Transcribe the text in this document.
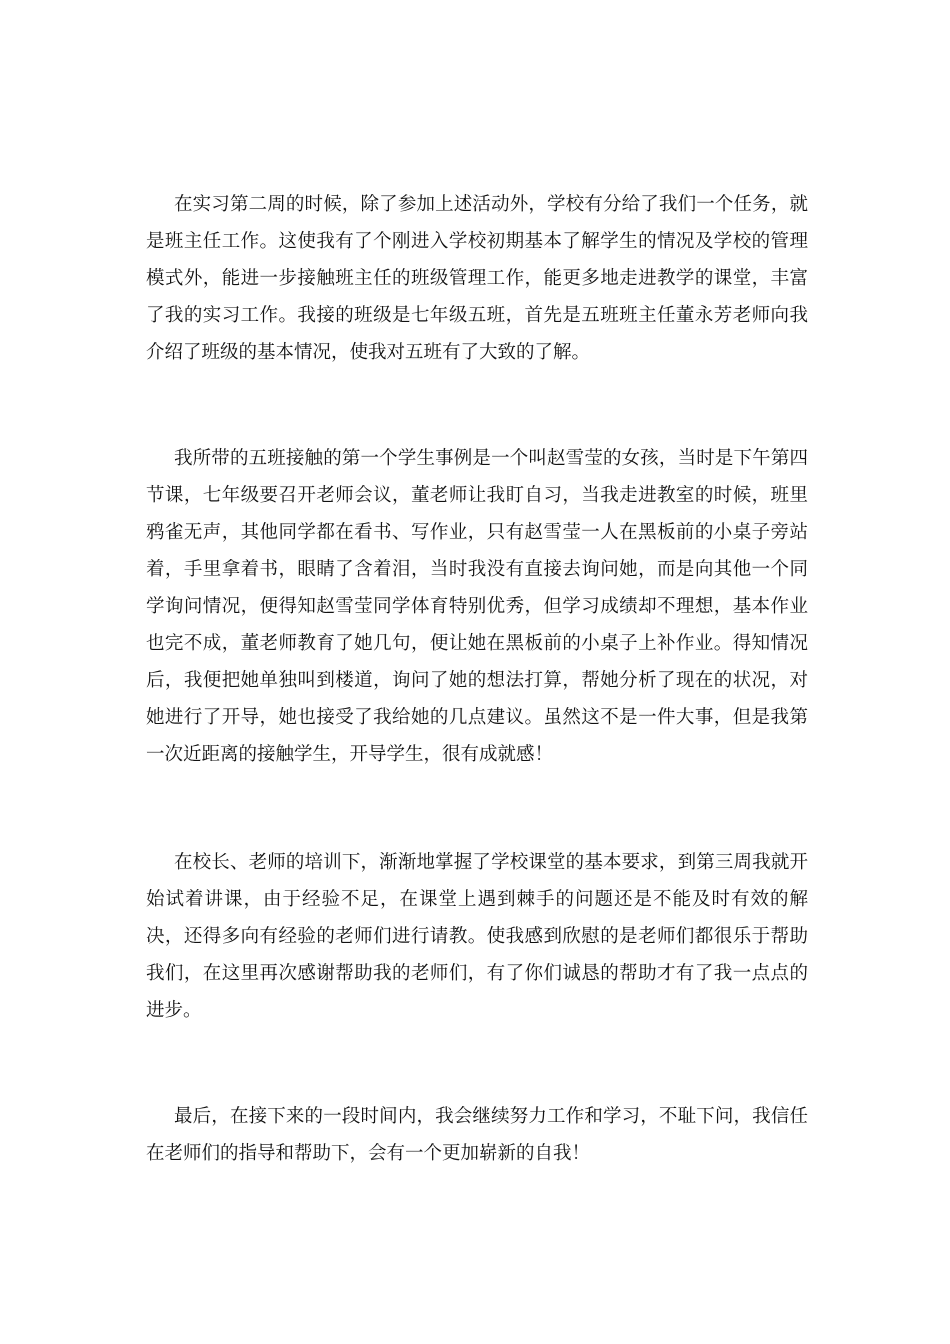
在实习第二周的时候，除了参加上述活动外，学校有分给了我们一个任务，就是班主任工作。这使我有了个刚进入学校初期基本了解学生的情况及学校的管理模式外，能进一步接触班主任的班级管理工作，能更多地走进教学的课堂，丰富了我的实习工作。我接的班级是七年级五班，首先是五班班主任董永芳老师向我介绍了班级的基本情况，使我对五班有了大致的了解。

我所带的五班接触的第一个学生事例是一个叫赵雪莹的女孩，当时是下午第四节课，七年级要召开老师会议，董老师让我盯自习，当我走进教室的时候，班里鸦雀无声，其他同学都在看书、写作业，只有赵雪莹一人在黑板前的小桌子旁站着，手里拿着书，眼睛了含着泪，当时我没有直接去询问她，而是向其他一个同学询问情况，便得知赵雪莹同学体育特别优秀，但学习成绩却不理想，基本作业也完不成，董老师教育了她几句，便让她在黑板前的小桌子上补作业。得知情况后，我便把她单独叫到楼道，询问了她的想法打算，帮她分析了现在的状况，对她进行了开导，她也接受了我给她的几点建议。虽然这不是一件大事，但是我第一次近距离的接触学生，开导学生，很有成就感！

在校长、老师的培训下，渐渐地掌握了学校课堂的基本要求，到第三周我就开始试着讲课，由于经验不足，在课堂上遇到棘手的问题还是不能及时有效的解决，还得多向有经验的老师们进行请教。使我感到欣慰的是老师们都很乐于帮助我们，在这里再次感谢帮助我的老师们，有了你们诚恳的帮助才有了我一点点的进步。

最后，在接下来的一段时间内，我会继续努力工作和学习，不耻下问，我信任在老师们的指导和帮助下，会有一个更加崭新的自我！
